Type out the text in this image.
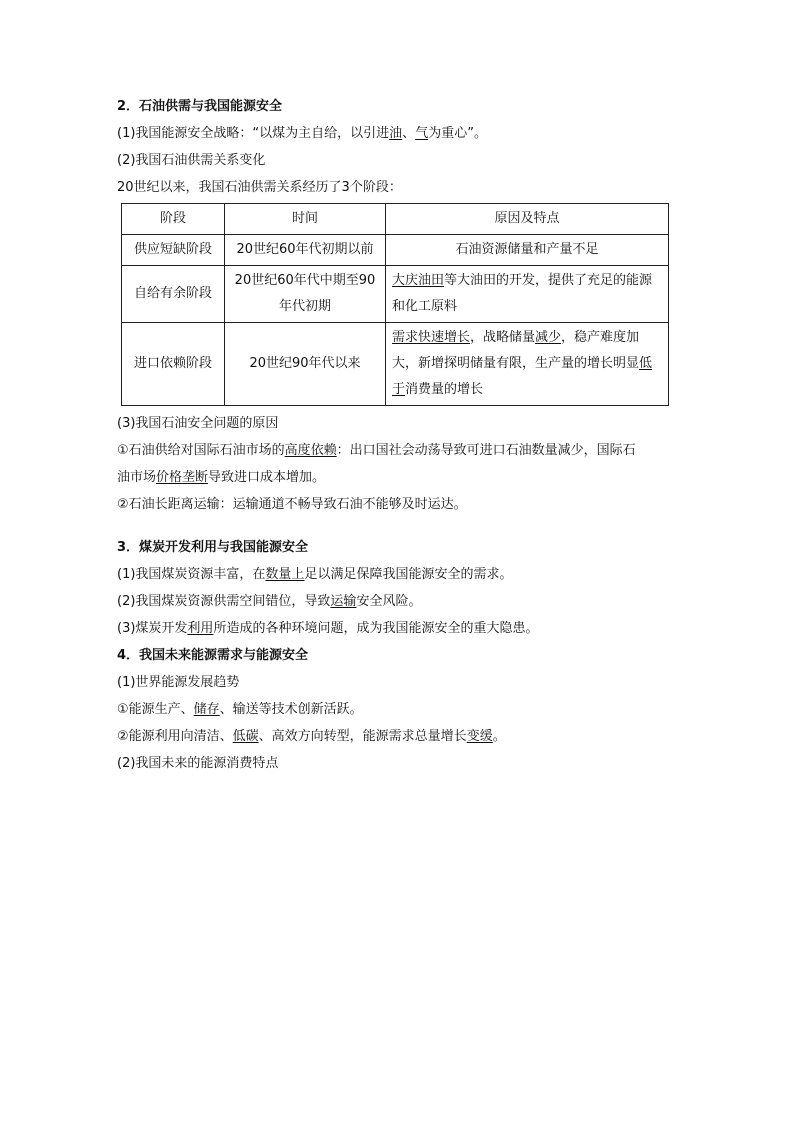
2．石油供需与我国能源安全
(1)我国能源安全战略：“以煤为主自给，以引进油、气为重心”。
(2)我国石油供需关系变化
20世纪以来，我国石油供需关系经历了3个阶段：
阶段	时间	原因及特点
供应短缺阶段	20世纪60年代初期以前	石油资源储量和产量不足
自给有余阶段	20世纪60年代中期至90年代初期	大庆油田等大油田的开发，提供了充足的能源和化工原料
进口依赖阶段	20世纪90年代以来	需求快速增长，战略储量减少，稳产难度加大，新增探明储量有限，生产量的增长明显低于消费量的增长
(3)我国石油安全问题的原因
①石油供给对国际石油市场的高度依赖：出口国社会动荡导致可进口石油数量减少，国际石
油市场价格垄断导致进口成本增加。
②石油长距离运输：运输通道不畅导致石油不能够及时运达。
3．煤炭开发利用与我国能源安全
(1)我国煤炭资源丰富，在数量上足以满足保障我国能源安全的需求。
(2)我国煤炭资源供需空间错位，导致运输安全风险。
(3)煤炭开发利用所造成的各种环境问题，成为我国能源安全的重大隐患。
4．我国未来能源需求与能源安全
(1)世界能源发展趋势
①能源生产、储存、输送等技术创新活跃。
②能源利用向清洁、低碳、高效方向转型，能源需求总量增长变缓。
(2)我国未来的能源消费特点
